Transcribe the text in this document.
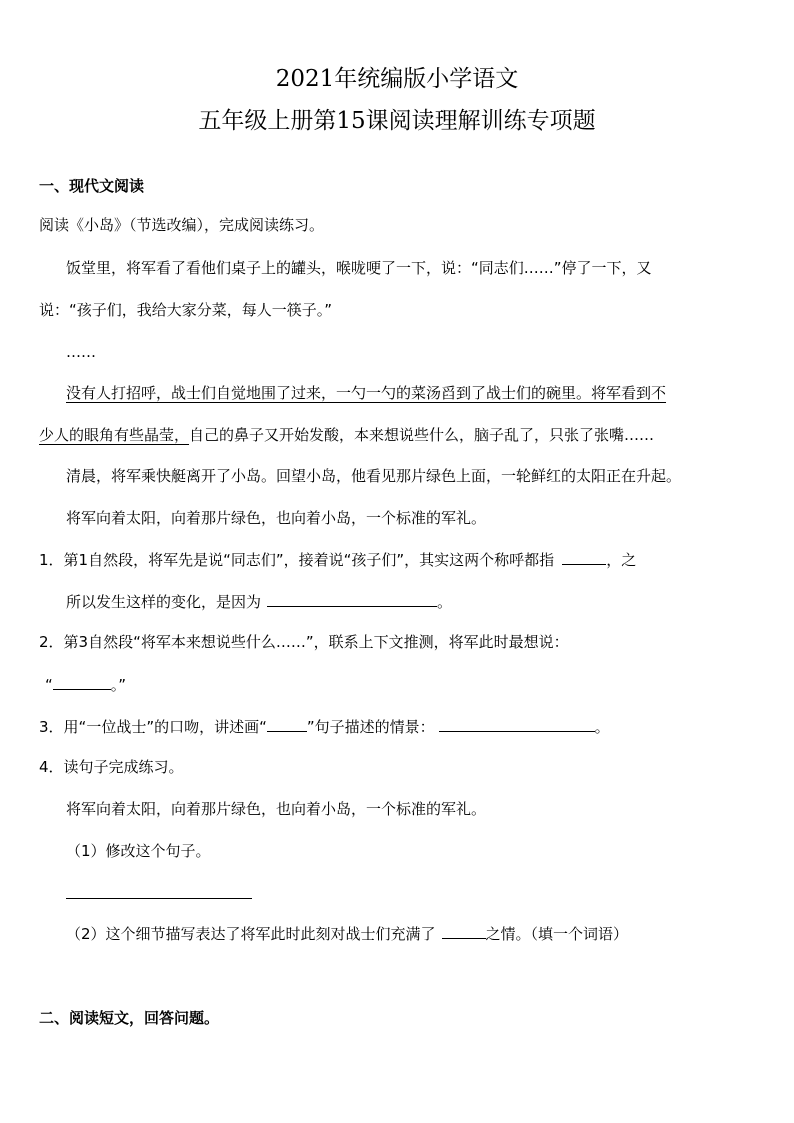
2021年统编版小学语文
五年级上册第15课阅读理解训练专项题
一、现代文阅读
阅读《小岛》（节选改编），完成阅读练习。
饭堂里，将军看了看他们桌子上的罐头，喉咙哽了一下，说：“同志们……”停了一下，又
说：“孩子们，我给大家分菜，每人一筷子。”
……
没有人打招呼，战士们自觉地围了过来，一勺一勺的菜汤舀到了战士们的碗里。将军看到不
少人的眼角有些晶莹，自己的鼻子又开始发酸，本来想说些什么，脑子乱了，只张了张嘴……
清晨，将军乘快艇离开了小岛。回望小岛，他看见那片绿色上面，一轮鲜红的太阳正在升起。
将军向着太阳，向着那片绿色，也向着小岛，一个标准的军礼。
1．第1自然段，将军先是说“同志们”，接着说“孩子们”，其实这两个称呼都指	，之
所以发生这样的变化，是因为	。
2．第3自然段“将军本来想说些什么……”，联系上下文推测，将军此时最想说：
“	。”
3．用“一位战士”的口吻，讲述画“	”句子描述的情景：	。
4．读句子完成练习。
将军向着太阳，向着那片绿色，也向着小岛，一个标准的军礼。
（1）修改这个句子。
（2）这个细节描写表达了将军此时此刻对战士们充满了	之情。（填一个词语）
二、阅读短文，回答问题。
